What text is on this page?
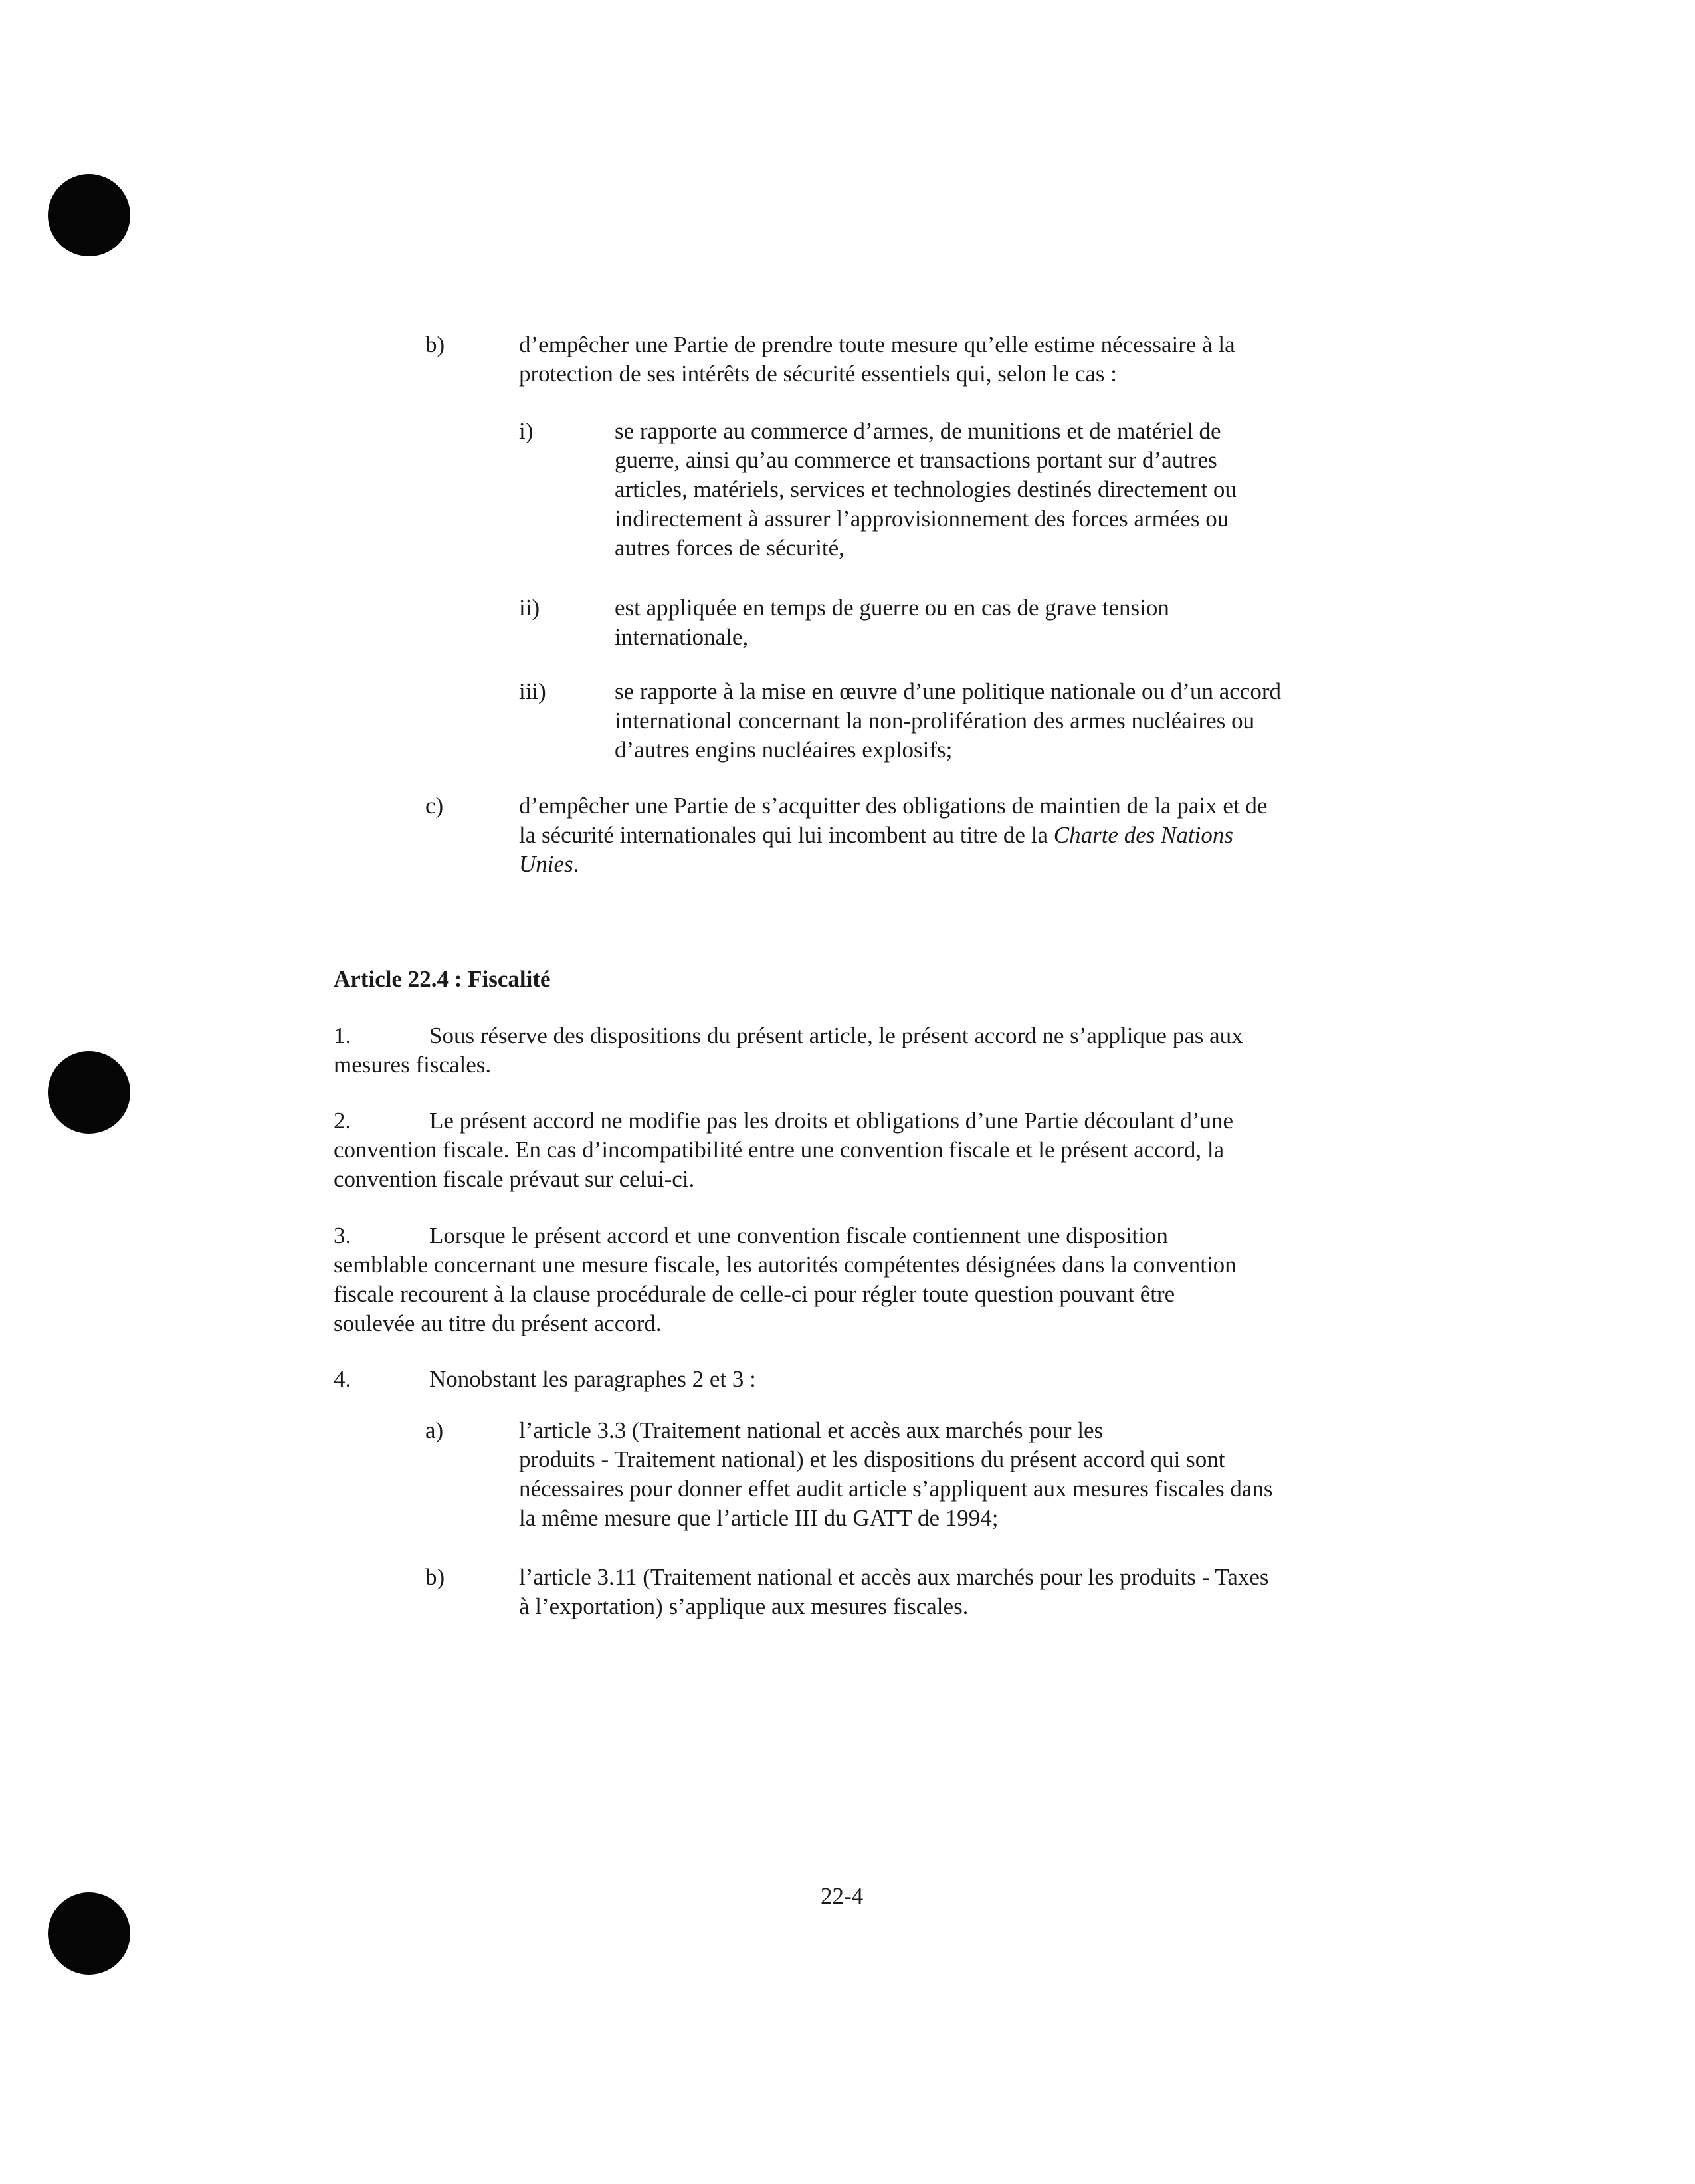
b)	d’empêcher une Partie de prendre toute mesure qu’elle estime nécessaire à la
protection de ses intérêts de sécurité essentiels qui, selon le cas :
i)	se rapporte au commerce d’armes, de munitions et de matériel de
guerre, ainsi qu’au commerce et transactions portant sur d’autres
articles, matériels, services et technologies destinés directement ou
indirectement à assurer l’approvisionnement des forces armées ou
autres forces de sécurité,
ii)	est appliquée en temps de guerre ou en cas de grave tension
internationale,
iii)	se rapporte à la mise en œuvre d’une politique nationale ou d’un accord
international concernant la non-prolifération des armes nucléaires ou
d’autres engins nucléaires explosifs;
c)	d’empêcher une Partie de s’acquitter des obligations de maintien de la paix et de
la sécurité internationales qui lui incombent au titre de la Charte des Nations
Unies.
Article 22.4 : Fiscalité
1.	Sous réserve des dispositions du présent article, le présent accord ne s’applique pas aux
mesures fiscales.
2.	Le présent accord ne modifie pas les droits et obligations d’une Partie découlant d’une
convention fiscale. En cas d’incompatibilité entre une convention fiscale et le présent accord, la
convention fiscale prévaut sur celui-ci.
3.	Lorsque le présent accord et une convention fiscale contiennent une disposition
semblable concernant une mesure fiscale, les autorités compétentes désignées dans la convention
fiscale recourent à la clause procédurale de celle-ci pour régler toute question pouvant être
soulevée au titre du présent accord.
4.	Nonobstant les paragraphes 2 et 3 :
a)	l’article 3.3 (Traitement national et accès aux marchés pour les
produits - Traitement national) et les dispositions du présent accord qui sont
nécessaires pour donner effet audit article s’appliquent aux mesures fiscales dans
la même mesure que l’article III du GATT de 1994;
b)	l’article 3.11 (Traitement national et accès aux marchés pour les produits - Taxes
à l’exportation) s’applique aux mesures fiscales.
22-4
